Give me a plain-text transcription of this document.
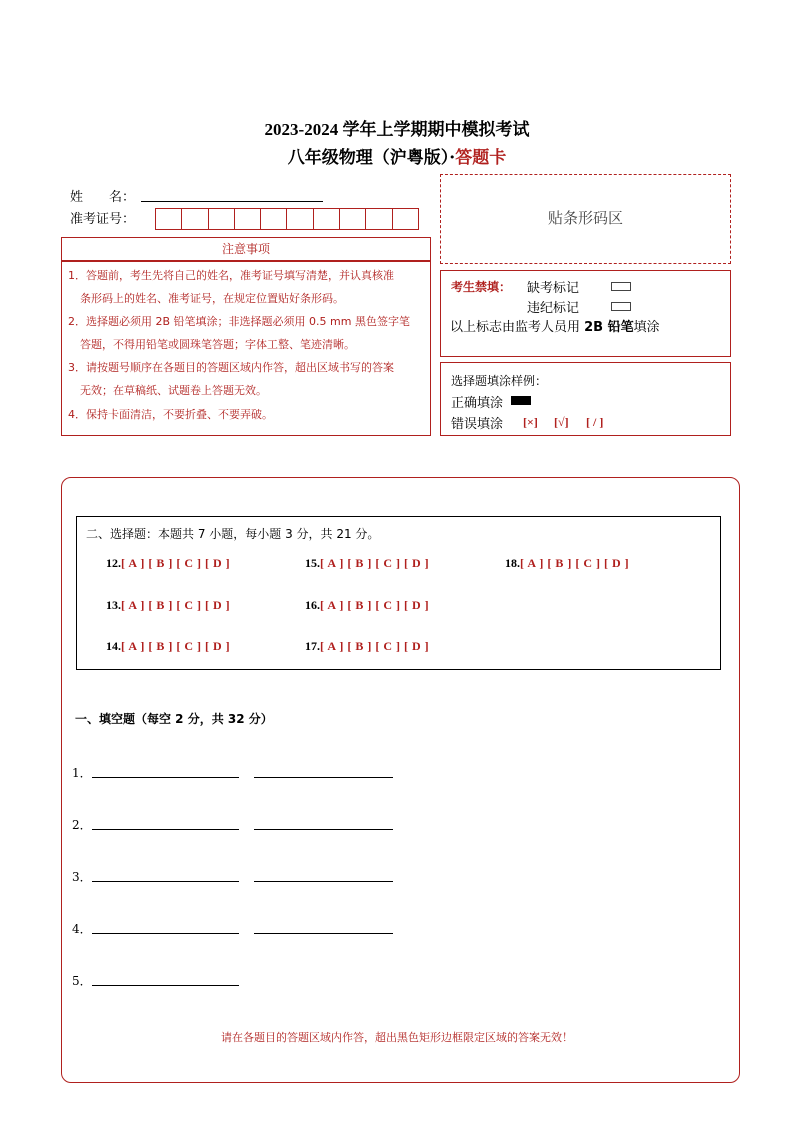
2023-2024 学年上学期期中模拟考试
八年级物理（沪粤版）·答题卡
姓　　名：
准考证号：
注意事项

1．答题前，考生先将自己的姓名，准考证号填写清楚，并认真核准

条形码上的姓名、准考证号，在规定位置贴好条形码。

2．选择题必须用 2B 铅笔填涂；非选择题必须用 0.5 mm 黑色签字笔

答题，不得用铅笔或圆珠笔答题；字体工整、笔迹清晰。

3．请按题号顺序在各题目的答题区域内作答，超出区域书写的答案

无效；在草稿纸、试题卷上答题无效。

4．保持卡面清洁，不要折叠、不要弄破。

贴条形码区
考生禁填： 缺考标记
违纪标记
以上标志由监考人员用 2B 铅笔填涂
选择题填涂样例：
正确填涂
错误填涂 [×] [√] [ / ]
二、选择题：本题共 7 小题，每小题 3 分，共 21 分。
12.[ A ] [ B ] [ C ] [ D ]
13.[ A ] [ B ] [ C ] [ D ]
14.[ A ] [ B ] [ C ] [ D ]
15.[ A ] [ B ] [ C ] [ D ]
16.[ A ] [ B ] [ C ] [ D ]
17.[ A ] [ B ] [ C ] [ D ]
18.[ A ] [ B ] [ C ] [ D ]
一、填空题（每空 2 分，共 32 分）
1．
2．
3．
4．
5．
请在各题目的答题区域内作答，超出黑色矩形边框限定区域的答案无效！
